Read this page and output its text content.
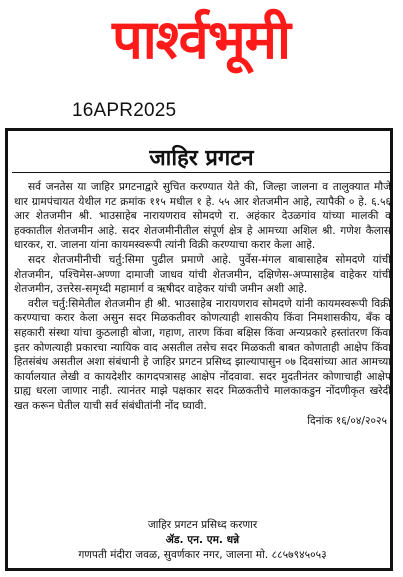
पार्श्वभूमी
16APR2025
जाहिर प्रगटन

सर्व जनतेस या जाहिर प्रगटनाद्वारे सुचित करण्यात येते की, जिल्हा जालना व तालुक्यात मौजे थार ग्रामपंचायत येथील गट क्रमांक ११५ मधील १ हे. ५५ आर शेतजमीन आहे, त्यापैकी ० हे. ६.५६ आर शेतजमीन श्री. भाउसाहेब नारायणराव सोमदणे रा. अहंकार देउळगांव यांच्या मालकी व हक्कातील शेतजमीन आहे. सदर शेतजमीनीतील संपूर्ण क्षेत्र हे आमच्या अशिल श्री. गणेश कैलास धारकर, रा. जालना यांना कायमस्वरूपी त्यांनी विक्री करण्याचा करार केला आहे.

सदर शेतजमीनीची चर्तु:सिमा पुढील प्रमाणे आहे. पुर्वेस-मंगल बाबासाहेब सोमदणे यांची शेतजमीन, पश्चिमेस-अण्णा दामाजी जाधव यांची शेतजमीन, दक्षिणेस-अप्पासाहेब वाहेकर यांची शेतजमीन, उत्तरेस-समृध्दी महामार्ग व ऋषीदर वाहेकर यांची जमीन अशी आहे.

वरील चर्तु:सिमेतील शेतजमीन ही श्री. भाउसाहेब नारायणराव सोमदणे यांनी कायमस्वरूपी विक्री करण्याचा करार केला असुन सदर मिळकतीवर कोणत्याही शासकीय किंवा निमशासकीय, बँक व सहकारी संस्था यांचा कुठलाही बोजा, गहाण, तारण किंवा बक्षिस किंवा अन्यप्रकारे हस्तांतरण किंवा इतर कोणत्याही प्रकारचा न्यायिक वाद असतील तसेच सदर मिळकती बाबत कोणताही आक्षेप किंवा हितसंबंध असतील अशा संबंधानी हे जाहिर प्रगटन प्रसिध्द झाल्यापासुन ०७ दिवसांच्या आत आमच्या कार्यालयात लेखी व कायदेशीर कागदपत्रासह आक्षेप नोंदवावा. सदर मुदतीनंतर कोणाचाही आक्षेप ग्राह्य धरला जाणार नाही. त्यानंतर माझे पक्षकार सदर मिळकतीचे मालकाकडुन नोंदणीकृत खरेदी खत करून घेतील याची सर्व संबंधीतांनी नोंद घ्यावी.

दिनांक १६/०४/२०२५
जाहिर प्रगटन प्रसिध्द करणार
ॲड. एन. एम. धन्ने
गणपती मंदीरा जवळ, सुवर्णकार नगर, जालना मो. ८८५७९४५०५३
